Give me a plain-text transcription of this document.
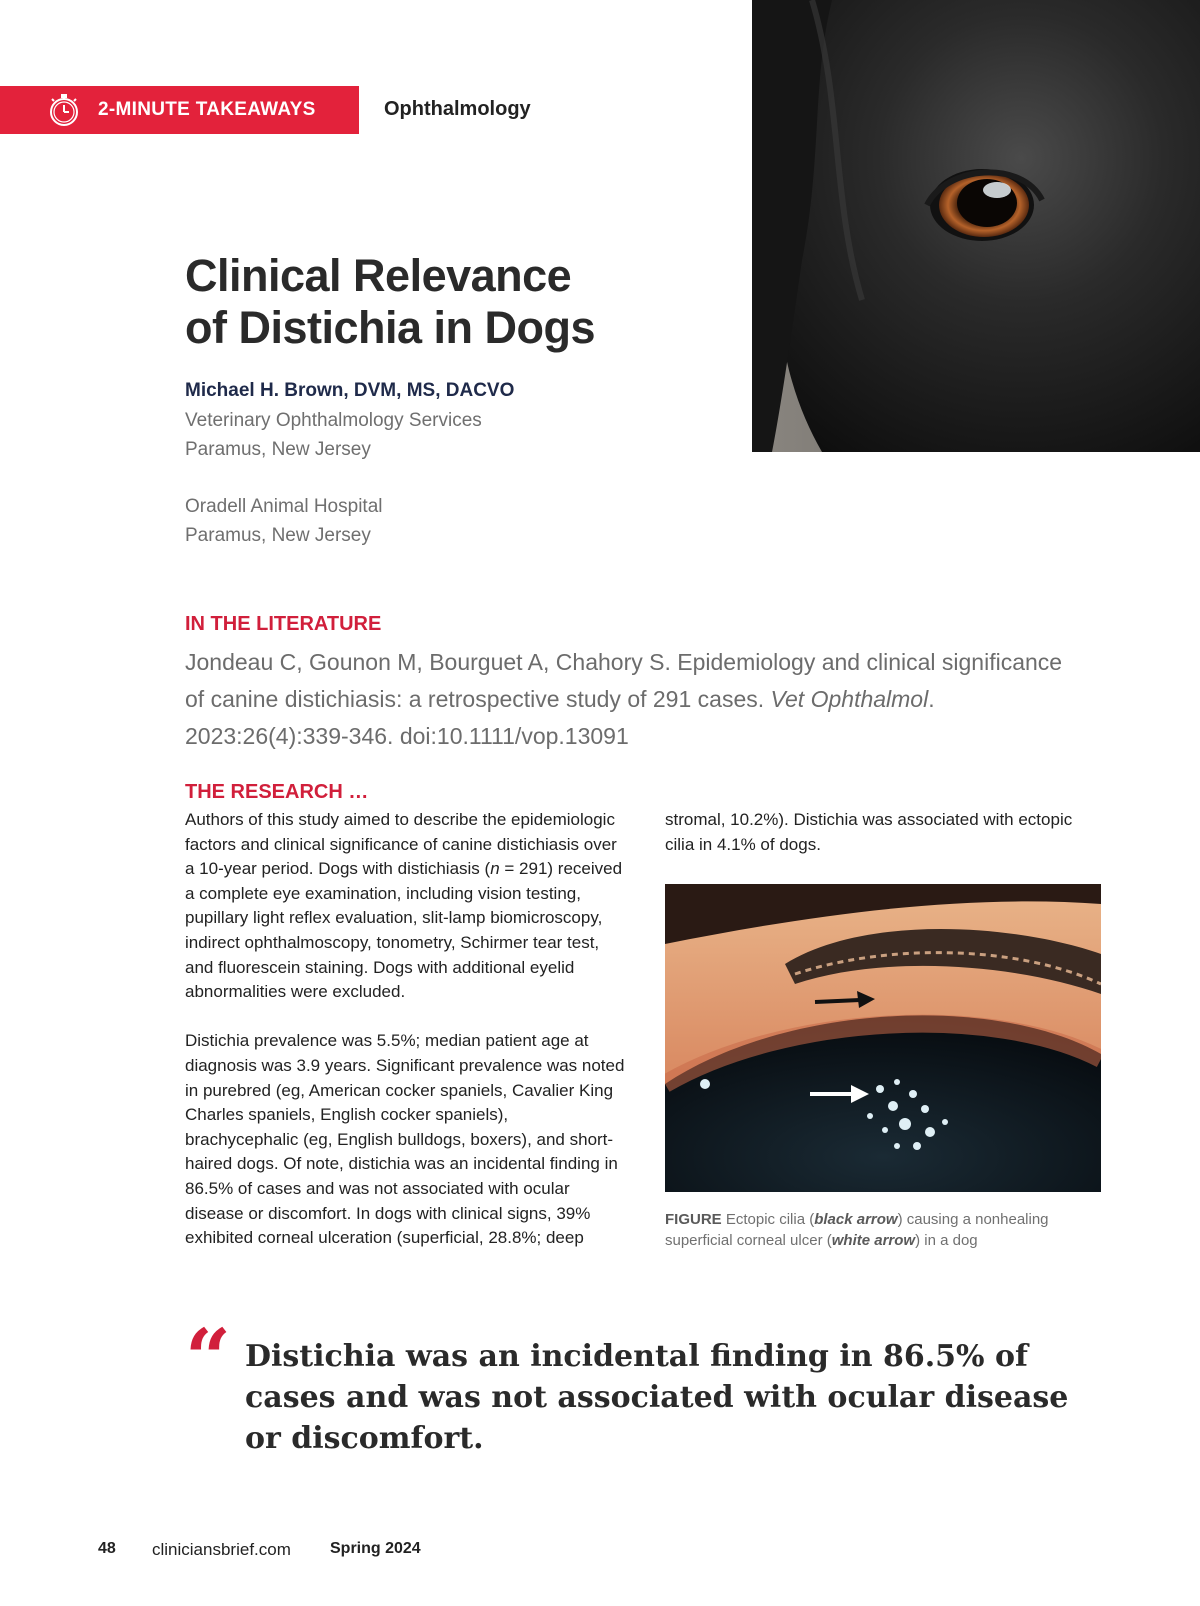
2-MINUTE TAKEAWAYS	Ophthalmology
Clinical Relevance
of Distichia in Dogs
Michael H. Brown, DVM, MS, DACVO
Veterinary Ophthalmology Services
Paramus, New Jersey
Oradell Animal Hospital
Paramus, New Jersey
IN THE LITERATURE
Jondeau C, Gounon M, Bourguet A, Chahory S. Epidemiology and clinical significance of canine distichiasis: a retrospective study of 291 cases. Vet Ophthalmol. 2023:26(4):339-346. doi:10.1111/vop.13091
THE RESEARCH …

Authors of this study aimed to describe the epidemiologic factors and clinical significance of canine distichiasis over a 10-year period. Dogs with distichiasis (n = 291) received a complete eye examination, including vision testing, pupillary light reflex evaluation, slit-lamp biomicroscopy, indirect ophthalmoscopy, tonometry, Schirmer tear test, and fluorescein staining. Dogs with additional eyelid abnormalities were excluded.

Distichia prevalence was 5.5%; median patient age at diagnosis was 3.9 years. Significant prevalence was noted in purebred (eg, American cocker spaniels, Cavalier King Charles spaniels, English cocker spaniels), brachycephalic (eg, English bulldogs, boxers), and short-haired dogs. Of note, distichia was an incidental finding in 86.5% of cases and was not associated with ocular disease or discomfort. In dogs with clinical signs, 39% exhibited corneal ulceration (superficial, 28.8%; deep

stromal, 10.2%). Distichia was associated with ectopic cilia in 4.1% of dogs.
FIGURE Ectopic cilia (black arrow) causing a nonhealing superficial corneal ulcer (white arrow) in a dog
“ Distichia was an incidental finding in 86.5% of cases and was not associated with ocular disease or discomfort.
48 cliniciansbrief.com Spring 2024
